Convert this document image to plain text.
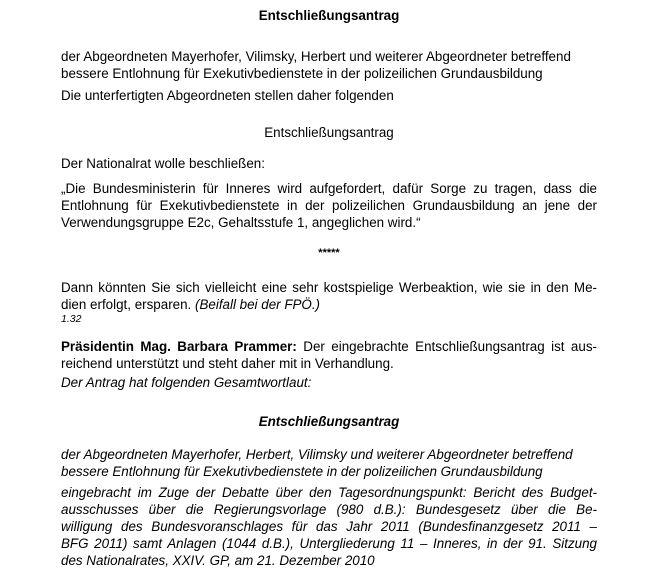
Entschließungsantrag
der Abgeordneten Mayerhofer, Vilimsky, Herbert und weiterer Abgeordneter betreffend
bessere Entlohnung für Exekutivbedienstete in der polizeilichen Grundausbildung
Die unterfertigten Abgeordneten stellen daher folgenden
Entschließungsantrag
Der Nationalrat wolle beschließen:
„Die Bundesministerin für Inneres wird aufgefordert, dafür Sorge zu tragen, dass die
Entlohnung für Exekutivbedienstete in der polizeilichen Grundausbildung an jene der
Verwendungsgruppe E2c, Gehaltsstufe 1, angeglichen wird.“
*****
Dann könnten Sie sich vielleicht eine sehr kostspielige Werbeaktion, wie sie in den Me-
dien erfolgt, ersparen. (Beifall bei der FPÖ.)
1.32
Präsidentin Mag. Barbara Prammer: Der eingebrachte Entschließungsantrag ist aus-
reichend unterstützt und steht daher mit in Verhandlung.
Der Antrag hat folgenden Gesamtwortlaut:
Entschließungsantrag
der Abgeordneten Mayerhofer, Herbert, Vilimsky und weiterer Abgeordneter betreffend
bessere Entlohnung für Exekutivbedienstete in der polizeilichen Grundausbildung
eingebracht im Zuge der Debatte über den Tagesordnungspunkt: Bericht des Budget-
ausschusses über die Regierungsvorlage (980 d.B.): Bundesgesetz über die Be-
willigung des Bundesvoranschlages für das Jahr 2011 (Bundesfinanzgesetz 2011 –
BFG 2011) samt Anlagen (1044 d.B.), Untergliederung 11 – Inneres, in der 91. Sitzung
des Nationalrates, XXIV. GP, am 21. Dezember 2010
